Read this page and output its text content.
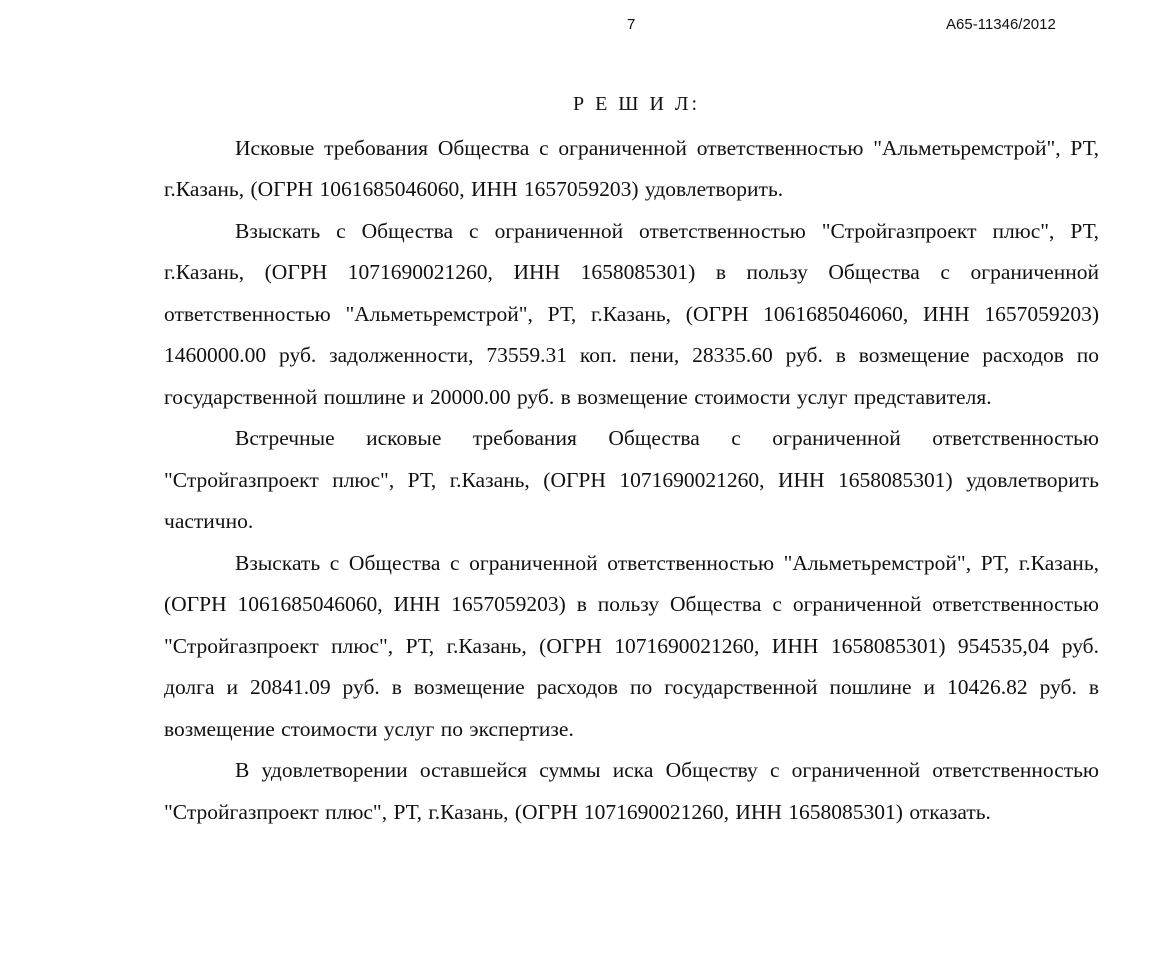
7	А65-11346/2012
Р Е Ш И Л:

Исковые требования Общества с ограниченной ответственностью "Альметьремстрой", РТ, г.Казань, (ОГРН 1061685046060, ИНН 1657059203) удовлетворить.

Взыскать с Общества с ограниченной ответственностью "Стройгазпроект плюс", РТ, г.Казань, (ОГРН 1071690021260, ИНН 1658085301) в пользу Общества с ограниченной ответственностью "Альметьремстрой", РТ, г.Казань, (ОГРН 1061685046060, ИНН 1657059203) 1460000.00 руб. задолженности, 73559.31 коп. пени, 28335.60 руб. в возмещение расходов по государственной пошлине и 20000.00 руб. в возмещение стоимости услуг представителя.

Встречные исковые требования Общества с ограниченной ответственностью "Стройгазпроект плюс", РТ, г.Казань, (ОГРН 1071690021260, ИНН 1658085301) удовлетворить частично.

Взыскать с Общества с ограниченной ответственностью "Альметьремстрой", РТ, г.Казань, (ОГРН 1061685046060, ИНН 1657059203) в пользу Общества с ограниченной ответственностью "Стройгазпроект плюс", РТ, г.Казань, (ОГРН 1071690021260, ИНН 1658085301) 954535,04 руб. долга и 20841.09 руб. в возмещение расходов по государственной пошлине и 10426.82 руб. в возмещение стоимости услуг по экспертизе.

В удовлетворении оставшейся суммы иска Обществу с ограниченной ответственностью "Стройгазпроект плюс", РТ, г.Казань, (ОГРН 1071690021260, ИНН 1658085301) отказать.
